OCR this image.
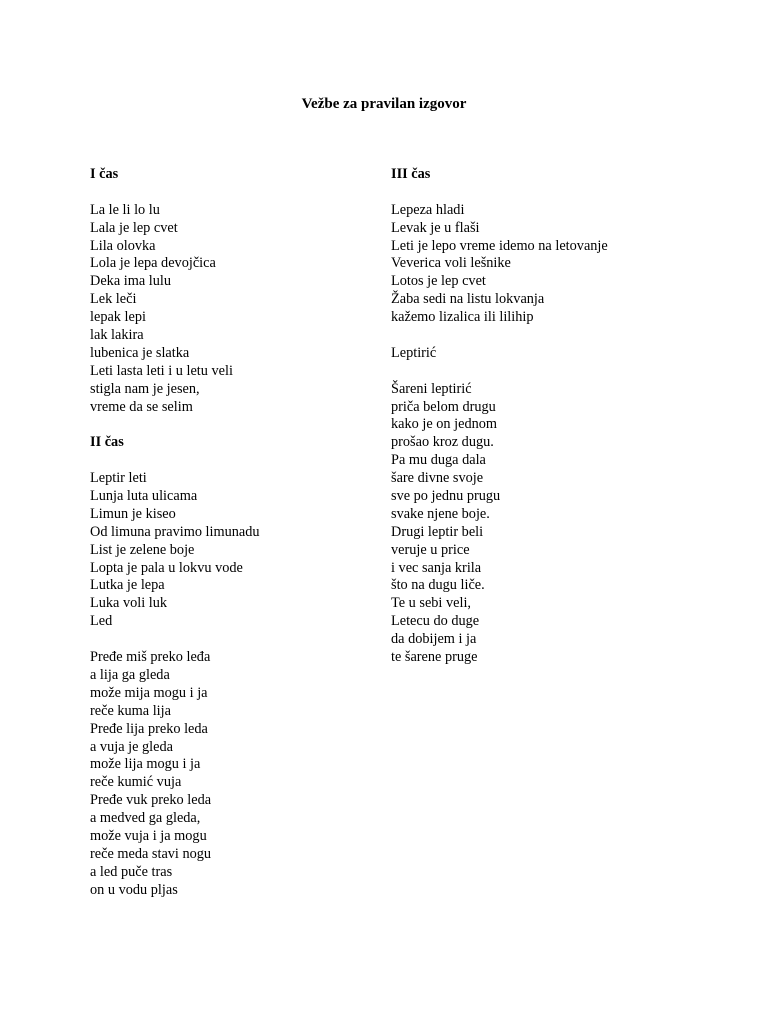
Vežbe za pravilan izgovor
I čas
La le li lo lu
Lala je lep cvet
Lila olovka
Lola je lepa devojčica
Deka ima lulu
Lek leči
lepak lepi
lak lakira
lubenica je slatka
Leti lasta leti i u letu veli
stigla nam je jesen,
vreme da se selim
II čas
Leptir leti
Lunja luta ulicama
Limun je kiseo
Od limuna pravimo limunadu
List je zelene boje
Lopta je pala u lokvu vode
Lutka je lepa
Luka voli luk
Led
Pređe miš preko leđa
a lija ga gleda
može mija mogu i ja
reče kuma lija
Pređe lija preko leda
a vuja je gleda
može lija mogu i ja
reče kumić vuja
Pređe vuk preko leda
a medved ga gleda,
može vuja i ja mogu
reče meda stavi nogu
a led puče tras
on u vodu pljas
III čas
Lepeza hladi
Levak je u flaši
Leti je lepo vreme idemo na letovanje
Veverica voli lešnike
Lotos je lep cvet
Žaba sedi na listu lokvanja
kažemo lizalica ili lilihip
Leptirić
Šareni leptirić
priča belom drugu
kako je on jednom
prošao kroz dugu.
Pa mu duga dala
šare divne svoje
sve po jednu prugu
svake njene boje.
Drugi leptir beli
veruje u price
i vec sanja krila
što na dugu liče.
Te u sebi veli,
Letecu do duge
da dobijem i ja
te šarene pruge
